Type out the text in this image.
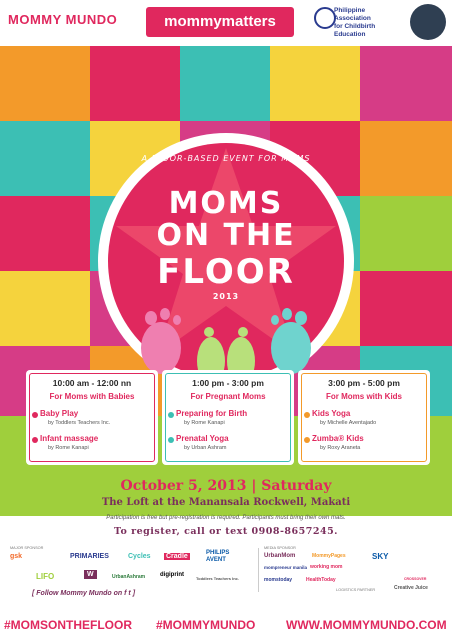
MOMMY MUNDO	mommymatters
Philippine
Association
for Childbirth
Education
A FLOOR-BASED EVENT FOR MOMS
MOMS
ON THE
FLOOR
2013
10:00 am - 12:00 nn
For Moms with Babies
Baby Play
by Toddlers Teachers Inc.
Infant massage
by Rome Kanapi
1:00 pm - 3:00 pm
For Pregnant Moms
Preparing for Birth
by Rome Kanapi
Prenatal Yoga
by Urban Ashram
3:00 pm - 5:00 pm
For Moms with Kids
Kids Yoga
by Michelle Aventajado
Zumba® Kids
by Roxy Araneta
October 5, 2013 | Saturday
The Loft at the Manansala Rockwell, Makati
Participation is free but pre-registration is required. Participants must bring their own mats.
To register, call or text 0908-8657245.
MAJOR SPONSOR
gsk	PRIMARIES	Cycles Cradle	PHILIPS AVENT
LIFO	W	UrbanAshram digiprint
Toddlers Teachers Inc.
MEDIA SPONSOR
UrbanMom	MommyPages	SKY
working mom
mompreneur manila
momstoday	HealthToday	CROSSOVER
LOGISTICS PARTNER	Creative Juice
[ Follow Mommy Mundo on f t ]
#MOMSONTHEFLOOR #MOMMYMUNDO	WWW.MOMMYMUNDO.COM
